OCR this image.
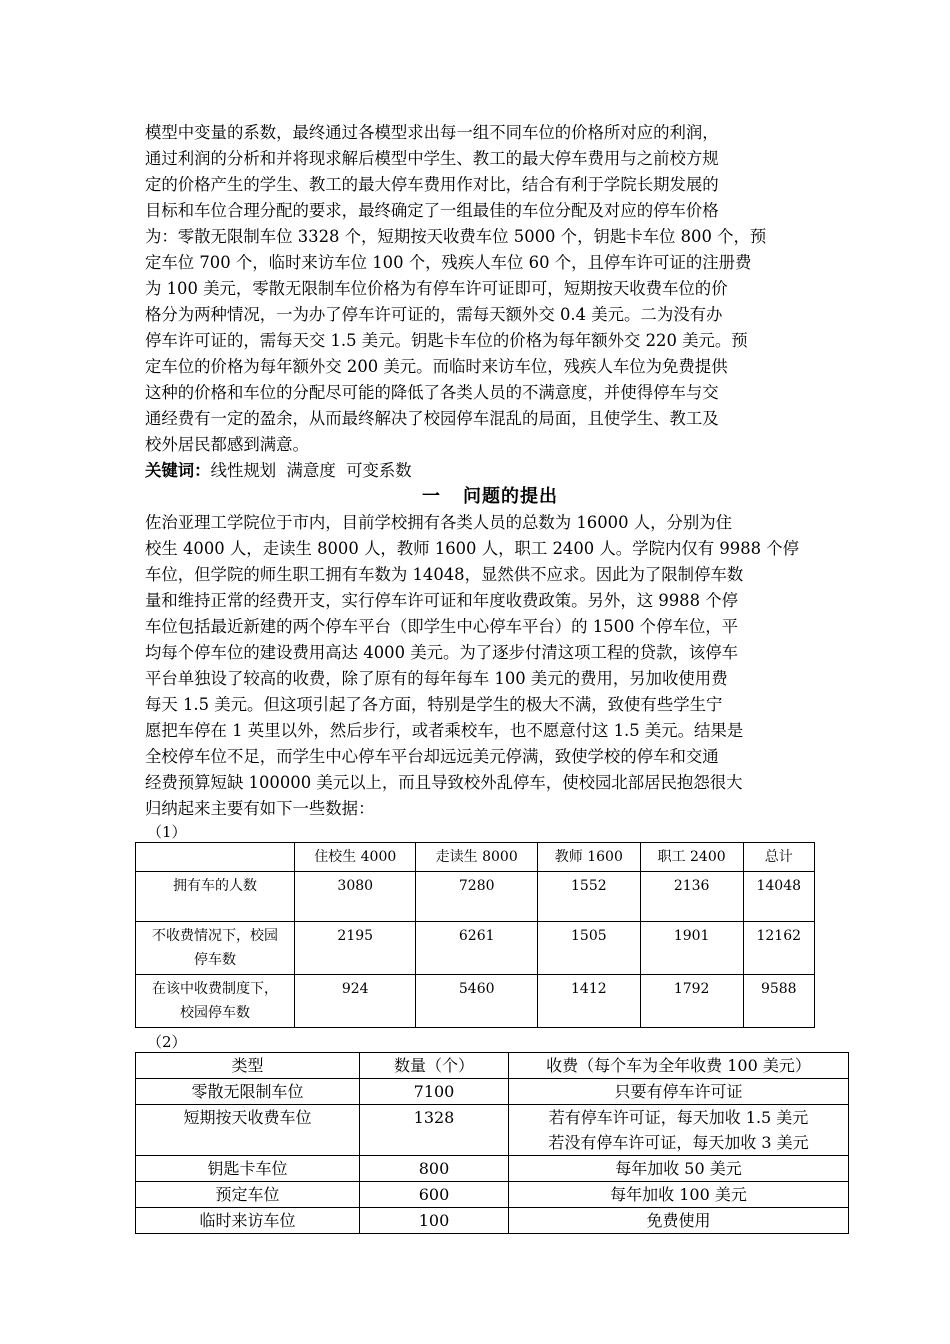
模型中变量的系数，最终通过各模型求出每一组不同车位的价格所对应的利润，
通过利润的分析和并将现求解后模型中学生、教工的最大停车费用与之前校方规
定的价格产生的学生、教工的最大停车费用作对比，结合有利于学院长期发展的
目标和车位合理分配的要求，最终确定了一组最佳的车位分配及对应的停车价格
为：零散无限制车位 3328 个，短期按天收费车位 5000 个，钥匙卡车位 800 个，预
定车位 700 个，临时来访车位 100 个，残疾人车位 60 个，且停车许可证的注册费
为 100 美元，零散无限制车位价格为有停车许可证即可，短期按天收费车位的价
格分为两种情况，一为办了停车许可证的，需每天额外交 0.4 美元。二为没有办
停车许可证的，需每天交 1.5 美元。钥匙卡车位的价格为每年额外交 220 美元。预
定车位的价格为每年额外交 200 美元。而临时来访车位，残疾人车位为免费提供
这种的价格和车位的分配尽可能的降低了各类人员的不满意度，并使得停车与交
通经费有一定的盈余，从而最终解决了校园停车混乱的局面，且使学生、教工及
校外居民都感到满意。

关键词：线性规划  满意度  可变系数

一 问题的提出

佐治亚理工学院位于市内，目前学校拥有各类人员的总数为 16000 人，分别为住
校生 4000 人，走读生 8000 人，教师 1600 人，职工 2400 人。学院内仅有 9988 个停
车位，但学院的师生职工拥有车数为 14048，显然供不应求。因此为了限制停车数
量和维持正常的经费开支，实行停车许可证和年度收费政策。另外，这 9988 个停
车位包括最近新建的两个停车平台（即学生中心停车平台）的 1500 个停车位，平
均每个停车位的建设费用高达 4000 美元。为了逐步付清这项工程的贷款，该停车
平台单独设了较高的收费，除了原有的每年每车 100 美元的费用，另加收使用费
每天 1.5 美元。但这项引起了各方面，特别是学生的极大不满，致使有些学生宁
愿把车停在 1 英里以外，然后步行，或者乘校车，也不愿意付这 1.5 美元。结果是
全校停车位不足，而学生中心停车平台却远远美元停满，致使学校的停车和交通
经费预算短缺 100000 美元以上，而且导致校外乱停车，使校园北部居民抱怨很大
归纳起来主要有如下一些数据：

（1）

	住校生 4000	走读生 8000	教师 1600	职工 2400	总计

拥有车的人数	3080	7280	1552	2136	14048

不收费情况下，校园
停车数	2195	6261	1505	1901	12162

在该中收费制度下，
校园停车数	924	5460	1412	1792	9588

（2）

类型	数量（个）	收费（每个车为全年收费 100 美元）
零散无限制车位	7100	只要有停车许可证

短期按天收费车位	1328	若有停车许可证，每天加收 1.5 美元
若没有停车许可证，每天加收 3 美元

钥匙卡车位	800	每年加收 50 美元

预定车位	600	每年加收 100 美元

临时来访车位	100	免费使用
